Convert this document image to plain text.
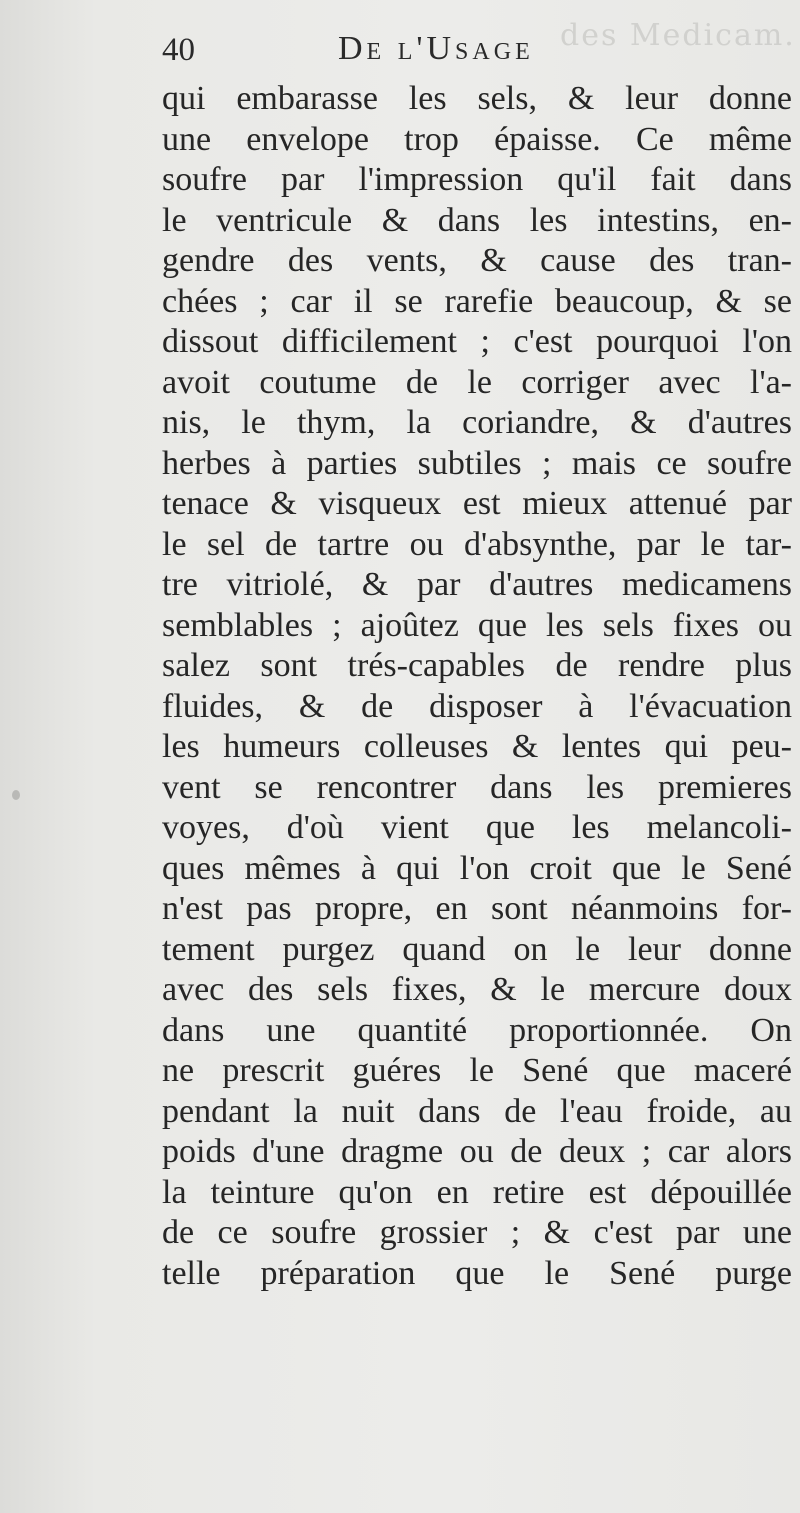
des Medicam.
40	De l'Usage
qui embarasse les sels, & leur donne
une envelope trop épaisse. Ce même
soufre par l'impression qu'il fait dans
le ventricule & dans les intestins, en-
gendre des vents, & cause des tran-
chées ; car il se rarefie beaucoup, & se
dissout difficilement ; c'est pourquoi l'on
avoit coutume de le corriger avec l'a-
nis, le thym, la coriandre, & d'autres
herbes à parties subtiles ; mais ce soufre
tenace & visqueux est mieux attenué par
le sel de tartre ou d'absynthe, par le tar-
tre vitriolé, & par d'autres medicamens
semblables ; ajoûtez que les sels fixes ou
salez sont trés-capables de rendre plus
fluides, & de disposer à l'évacuation
les humeurs colleuses & lentes qui peu-
vent se rencontrer dans les premieres
voyes, d'où vient que les melancoli-
ques mêmes à qui l'on croit que le Sené
n'est pas propre, en sont néanmoins for-
tement purgez quand on le leur donne
avec des sels fixes, & le mercure doux
dans une quantité proportionnée. On
ne prescrit guéres le Sené que maceré
pendant la nuit dans de l'eau froide, au
poids d'une dragme ou de deux ; car alors
la teinture qu'on en retire est dépouillée
de ce soufre grossier ; & c'est par une
telle préparation que le Sené purge
